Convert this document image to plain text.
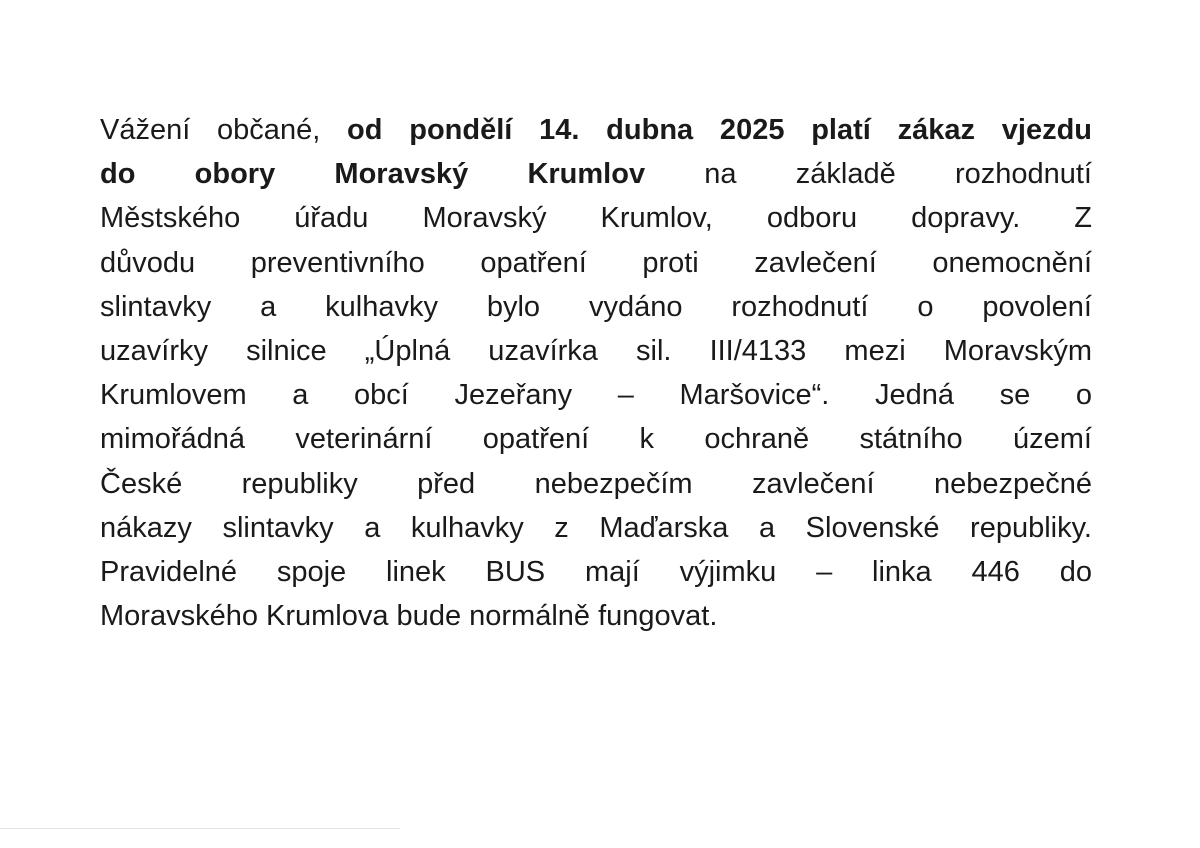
Vážení občané, od pondělí 14. dubna 2025 platí zákaz vjezdu
do obory Moravský Krumlov na základě rozhodnutí
Městského úřadu Moravský Krumlov, odboru dopravy. Z
důvodu preventivního opatření proti zavlečení onemocnění
slintavky a kulhavky bylo vydáno rozhodnutí o povolení
uzavírky silnice „Úplná uzavírka sil. III/4133 mezi Moravským
Krumlovem a obcí Jezeřany – Maršovice“. Jedná se o
mimořádná veterinární opatření k ochraně státního území
České republiky před nebezpečím zavlečení nebezpečné
nákazy slintavky a kulhavky z Maďarska a Slovenské republiky.
Pravidelné spoje linek BUS mají výjimku – linka 446 do
Moravského Krumlova bude normálně fungovat.
